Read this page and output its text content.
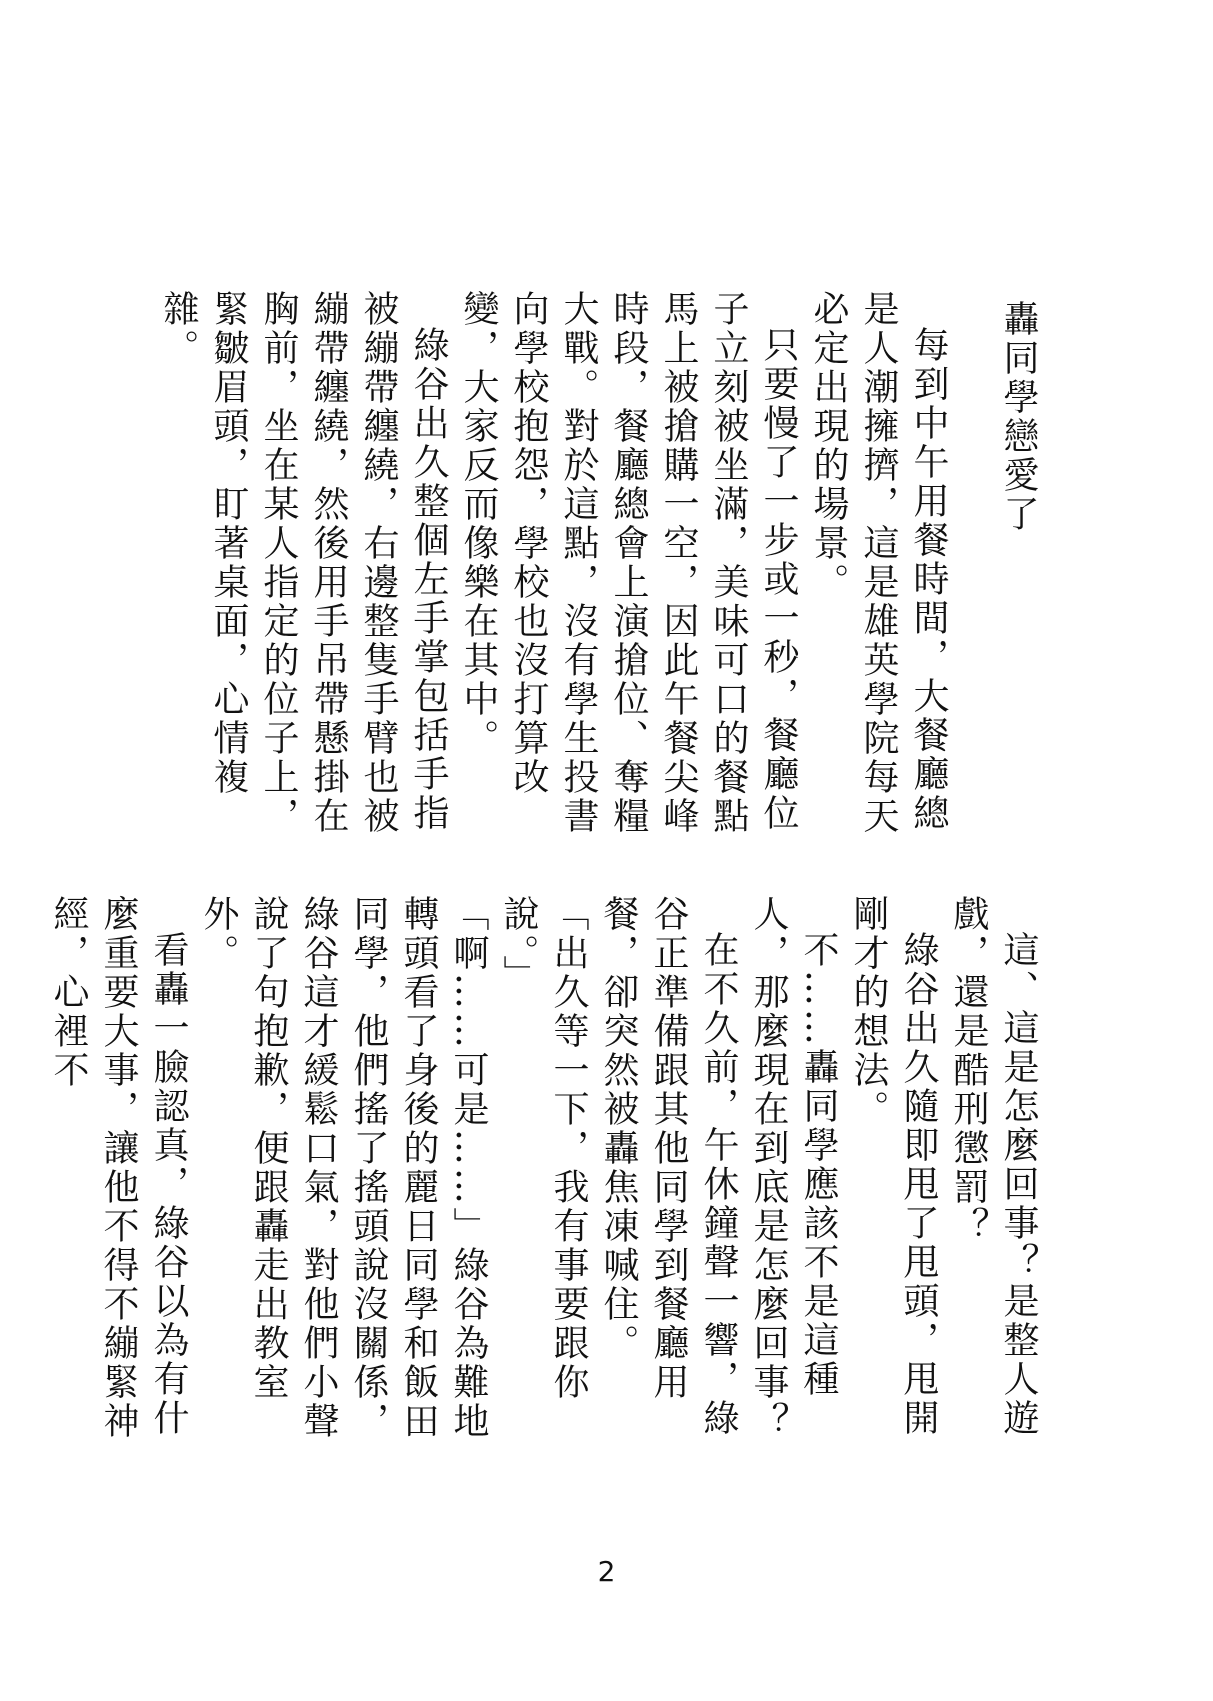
轟同學戀愛了

每到中午用餐時間，大餐廳總是人潮擁擠，這是雄英學院每天必定出現的場景。

只要慢了一步或一秒，餐廳位子立刻被坐滿，美味可口的餐點馬上被搶購一空，因此午餐尖峰時段，餐廳總會上演搶位、奪糧大戰。對於這點，沒有學生投書向學校抱怨，學校也沒打算改變，大家反而像樂在其中。

綠谷出久整個左手掌包括手指被繃帶纏繞，右邊整隻手臂也被繃帶纏繞，然後用手吊帶懸掛在胸前，坐在某人指定的位子上，緊皺眉頭，盯著桌面，心情複雜。

這、這是怎麼回事？是整人遊戲，還是酷刑懲罰？

綠谷出久隨即甩了甩頭，甩開剛才的想法。

不……轟同學應該不是這種人，那麼現在到底是怎麼回事？

在不久前，午休鐘聲一響，綠谷正準備跟其他同學到餐廳用餐，卻突然被轟焦凍喊住。

「出久等一下，我有事要跟你說。」

「啊……可是……」綠谷為難地轉頭看了身後的麗日同學和飯田同學，他們搖了搖頭說沒關係，綠谷這才緩鬆口氣，對他們小聲說了句抱歉，便跟轟走出教室外。

看轟一臉認真，綠谷以為有什麼重要大事，讓他不得不繃緊神經，心裡不

2
